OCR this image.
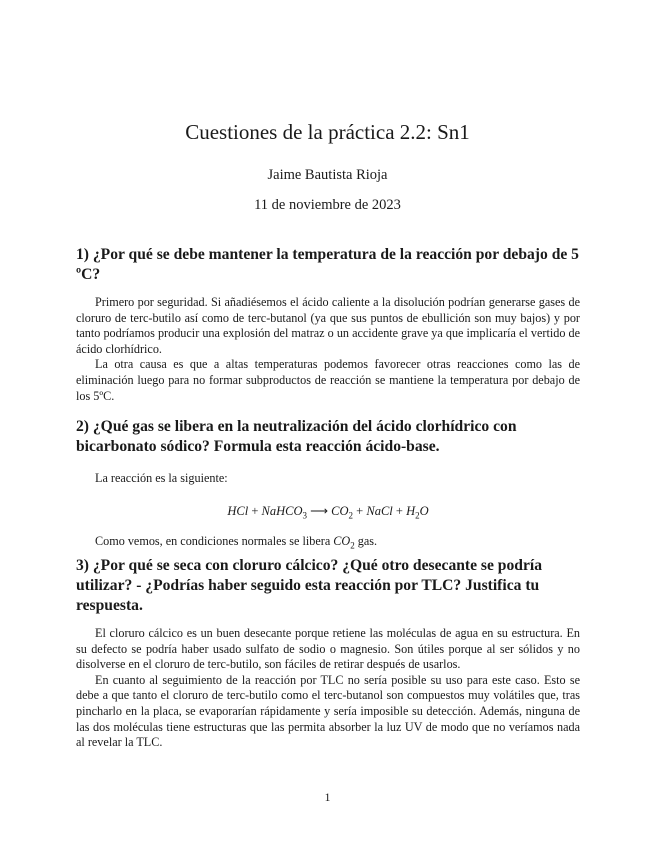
Cuestiones de la práctica 2.2: Sn1
Jaime Bautista Rioja
11 de noviembre de 2023

1) ¿Por qué se debe mantener la temperatura de la reacción por debajo de 5 ºC?

Primero por seguridad. Si añadiésemos el ácido caliente a la disolución podrían generarse gases de cloruro de terc-butilo así como de terc-butanol (ya que sus puntos de ebullición son muy bajos) y por tanto podríamos producir una explosión del matraz o un accidente grave ya que implicaría el vertido de ácido clorhídrico.

La otra causa es que a altas temperaturas podemos favorecer otras reacciones como las de eliminación luego para no formar subproductos de reacción se mantiene la temperatura por debajo de los 5ºC.

2) ¿Qué gas se libera en la neutralización del ácido clorhídrico con bicarbonato sódico? Formula esta reacción ácido-base.

La reacción es la siguiente:

HCl + NaHCO$_3$ ⟶ $CO_2$ + NaCl + $H_2O$

Como vemos, en condiciones normales se libera $CO_2$ gas.

3) ¿Por qué se seca con cloruro cálcico? ¿Qué otro desecante se podría utilizar? - ¿Podrías haber seguido esta reacción por TLC? Justifica tu respuesta.

El cloruro cálcico es un buen desecante porque retiene las moléculas de agua en su estructura. En su defecto se podría haber usado sulfato de sodio o magnesio. Son útiles porque al ser sólidos y no disolverse en el cloruro de terc-butilo, son fáciles de retirar después de usarlos.

En cuanto al seguimiento de la reacción por TLC no sería posible su uso para este caso. Esto se debe a que tanto el cloruro de terc-butilo como el terc-butanol son compuestos muy volátiles que, tras pincharlo en la placa, se evaporarían rápidamente y sería imposible su detección. Además, ninguna de las dos moléculas tiene estructuras que las permita absorber la luz UV de modo que no veríamos nada al revelar la TLC.

1
